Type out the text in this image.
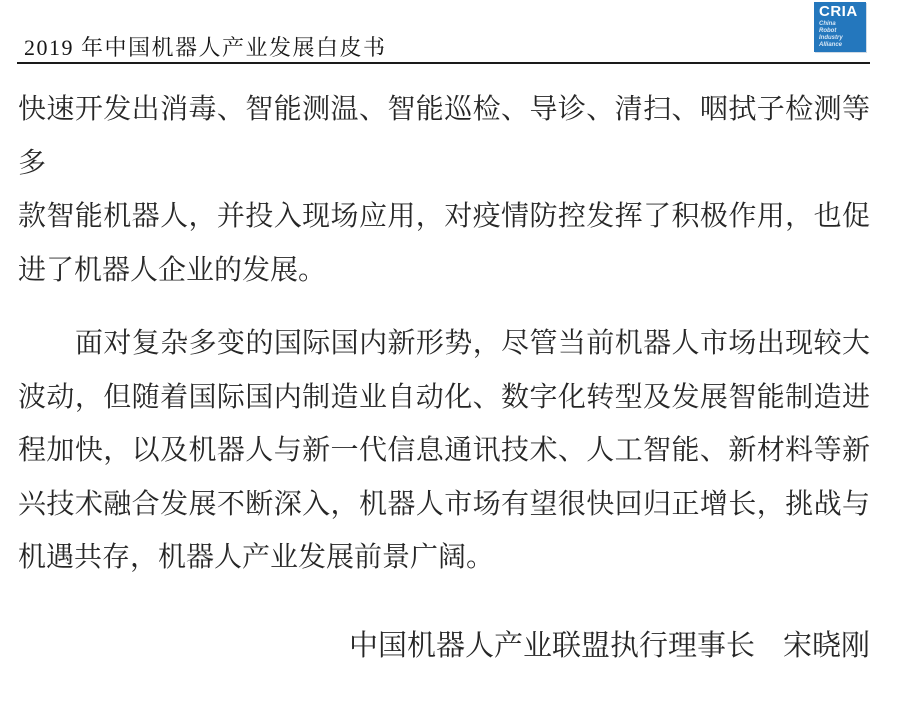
2019 年中国机器人产业发展白皮书
CRIA
China
Robot
Industry
Alliance
快速开发出消毒、智能测温、智能巡检、导诊、清扫、咽拭子检测等多
款智能机器人，并投入现场应用，对疫情防控发挥了积极作用，也促
进了机器人企业的发展。
面对复杂多变的国际国内新形势，尽管当前机器人市场出现较大
波动，但随着国际国内制造业自动化、数字化转型及发展智能制造进
程加快，以及机器人与新一代信息通讯技术、人工智能、新材料等新
兴技术融合发展不断深入，机器人市场有望很快回归正增长，挑战与
机遇共存，机器人产业发展前景广阔。
中国机器人产业联盟执行理事长 宋晓刚
